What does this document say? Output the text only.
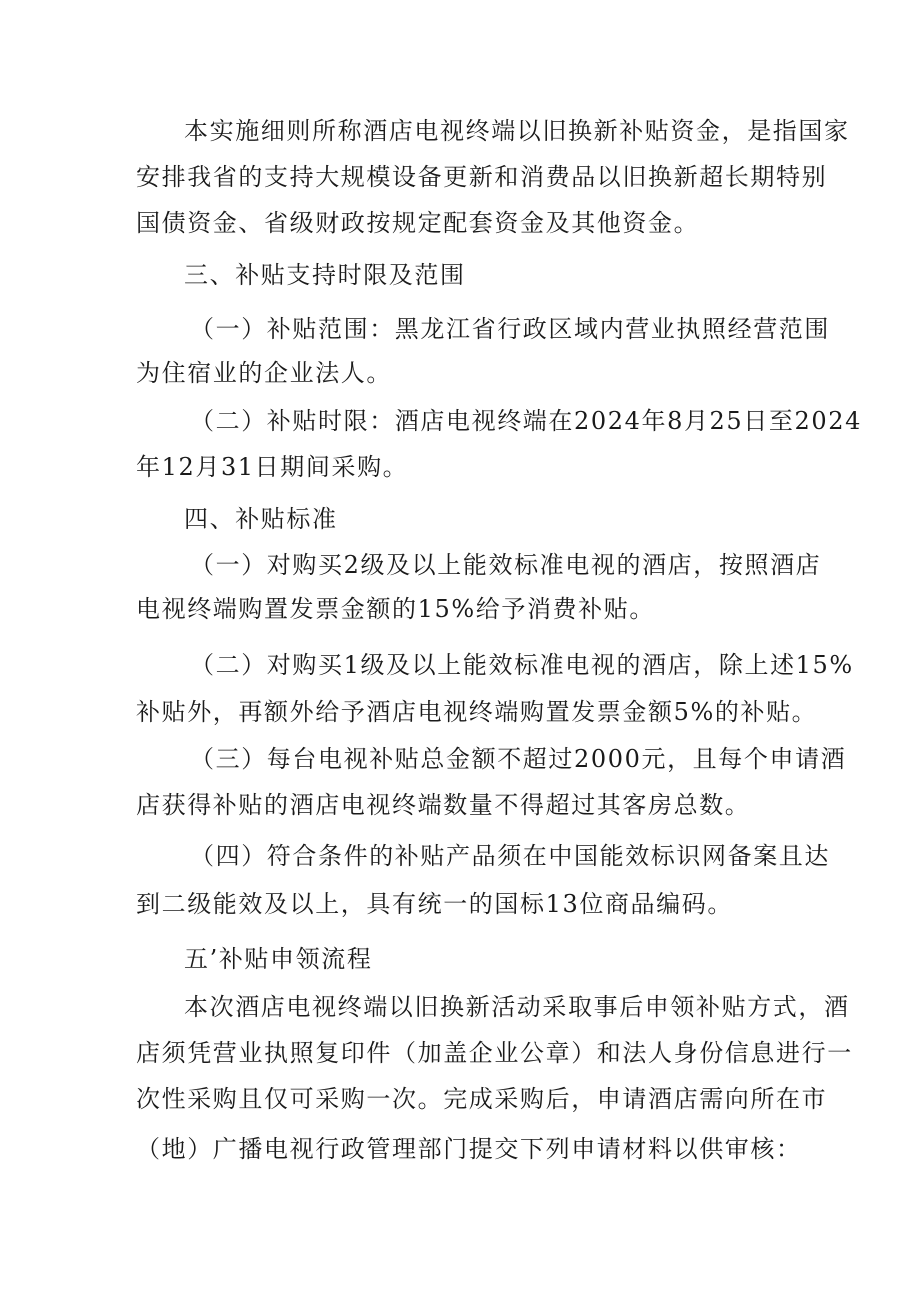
本实施细则所称酒店电视终端以旧换新补贴资金，是指国家
安排我省的支持大规模设备更新和消费品以旧换新超长期特别
国债资金、省级财政按规定配套资金及其他资金。
三、补贴支持时限及范围
（一）补贴范围：黑龙江省行政区域内营业执照经营范围
为住宿业的企业法人。
（二）补贴时限：酒店电视终端在2024年8月25日至2024
年12月31日期间采购。
四、补贴标准
（一）对购买2级及以上能效标准电视的酒店，按照酒店
电视终端购置发票金额的15%给予消费补贴。
（二）对购买1级及以上能效标准电视的酒店，除上述15%
补贴外，再额外给予酒店电视终端购置发票金额5%的补贴。
（三）每台电视补贴总金额不超过2000元，且每个申请酒
店获得补贴的酒店电视终端数量不得超过其客房总数。
（四）符合条件的补贴产品须在中国能效标识网备案且达
到二级能效及以上，具有统一的国标13位商品编码。
五’补贴申领流程
本次酒店电视终端以旧换新活动采取事后申领补贴方式，酒
店须凭营业执照复印件（加盖企业公章）和法人身份信息进行一
次性采购且仅可采购一次。完成采购后，申请酒店需向所在市
（地）广播电视行政管理部门提交下列申请材料以供审核：
